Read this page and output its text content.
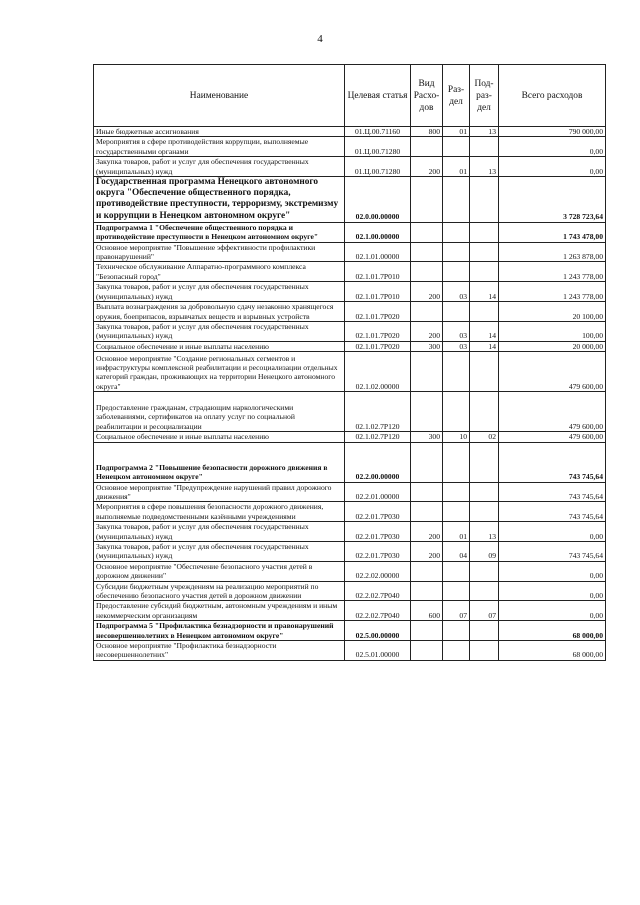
4
Наименование	Целевая статья	Вид Расхо-дов	Раз-дел	Под-раз-дел	Всего расходов
Иные бюджетные ассигнования	01.Ц.00.71160	800	01	13	790 000,00
Мероприятия в сфере противодействия коррупции, выполняемые государственными органами	01.Ц.00.71280				0,00
Закупка товаров, работ и услуг для обеспечения государственных (муниципальных) нужд	01.Ц.00.71280	200	01	13	0,00
Государственная программа Ненецкого автономного округа "Обеспечение общественного порядка, противодействие преступности, терроризму, экстремизму и коррупции в Ненецком автономном округе"	02.0.00.00000				3 728 723,64
Подпрограмма 1 "Обеспечение общественного порядка и противодействие преступности в Ненецком автономном округе"	02.1.00.00000				1 743 478,00
Основное мероприятие "Повышение эффективности профилактики правонарушений"	02.1.01.00000				1 263 878,00
Техническое обслуживание Аппаратно-программного комплекса "Безопасный город"	02.1.01.7Р010				1 243 778,00
Закупка товаров, работ и услуг для обеспечения государственных (муниципальных) нужд	02.1.01.7Р010	200	03	14	1 243 778,00
Выплата вознаграждения за добровольную сдачу незаконно хранящегося оружия, боеприпасов, взрывчатых веществ и взрывных устройств	02.1.01.7Р020				20 100,00
Закупка товаров, работ и услуг для обеспечения государственных (муниципальных) нужд	02.1.01.7Р020	200	03	14	100,00
Социальное обеспечение и иные выплаты населению	02.1.01.7Р020	300	03	14	20 000,00
Основное мероприятие "Создание региональных сегментов и инфраструктуры комплексной реабилитации и ресоциализации отдельных категорий граждан, проживающих на территории Ненецкого автономного округа"	02.1.02.00000				479 600,00
Предоставление гражданам, страдающим наркологическими заболеваниями, сертификатов на оплату услуг по социальной реабилитации и ресоциализации	02.1.02.7Р120				479 600,00
Социальное обеспечение и иные выплаты населению	02.1.02.7Р120	300	10	02	479 600,00
Подпрограмма 2 "Повышение безопасности дорожного движения в Ненецком автономном округе"	02.2.00.00000				743 745,64
Основное мероприятие "Предупреждение нарушений правил дорожного движения"	02.2.01.00000				743 745,64
Мероприятия в сфере повышения безопасности дорожного движения, выполняемые подведомственными казёнными учреждениями	02.2.01.7Р030				743 745,64
Закупка товаров, работ и услуг для обеспечения государственных (муниципальных) нужд	02.2.01.7Р030	200	01	13	0,00
Закупка товаров, работ и услуг для обеспечения государственных (муниципальных) нужд	02.2.01.7Р030	200	04	09	743 745,64
Основное мероприятие "Обеспечение безопасного участия детей в дорожном движении"	02.2.02.00000				0,00
Субсидии бюджетным учреждениям на реализацию мероприятий по обеспечению безопасного участия детей в дорожном движении	02.2.02.7Р040				0,00
Предоставление субсидий бюджетным, автономным учреждениям и иным некоммерческим организациям	02.2.02.7Р040	600	07	07	0,00
Подпрограмма 5 "Профилактика безнадзорности и правонарушений несовершеннолетних в Ненецком автономном округе"	02.5.00.00000				68 000,00
Основное мероприятие "Профилактика безнадзорности несовершеннолетних"	02.5.01.00000				68 000,00
